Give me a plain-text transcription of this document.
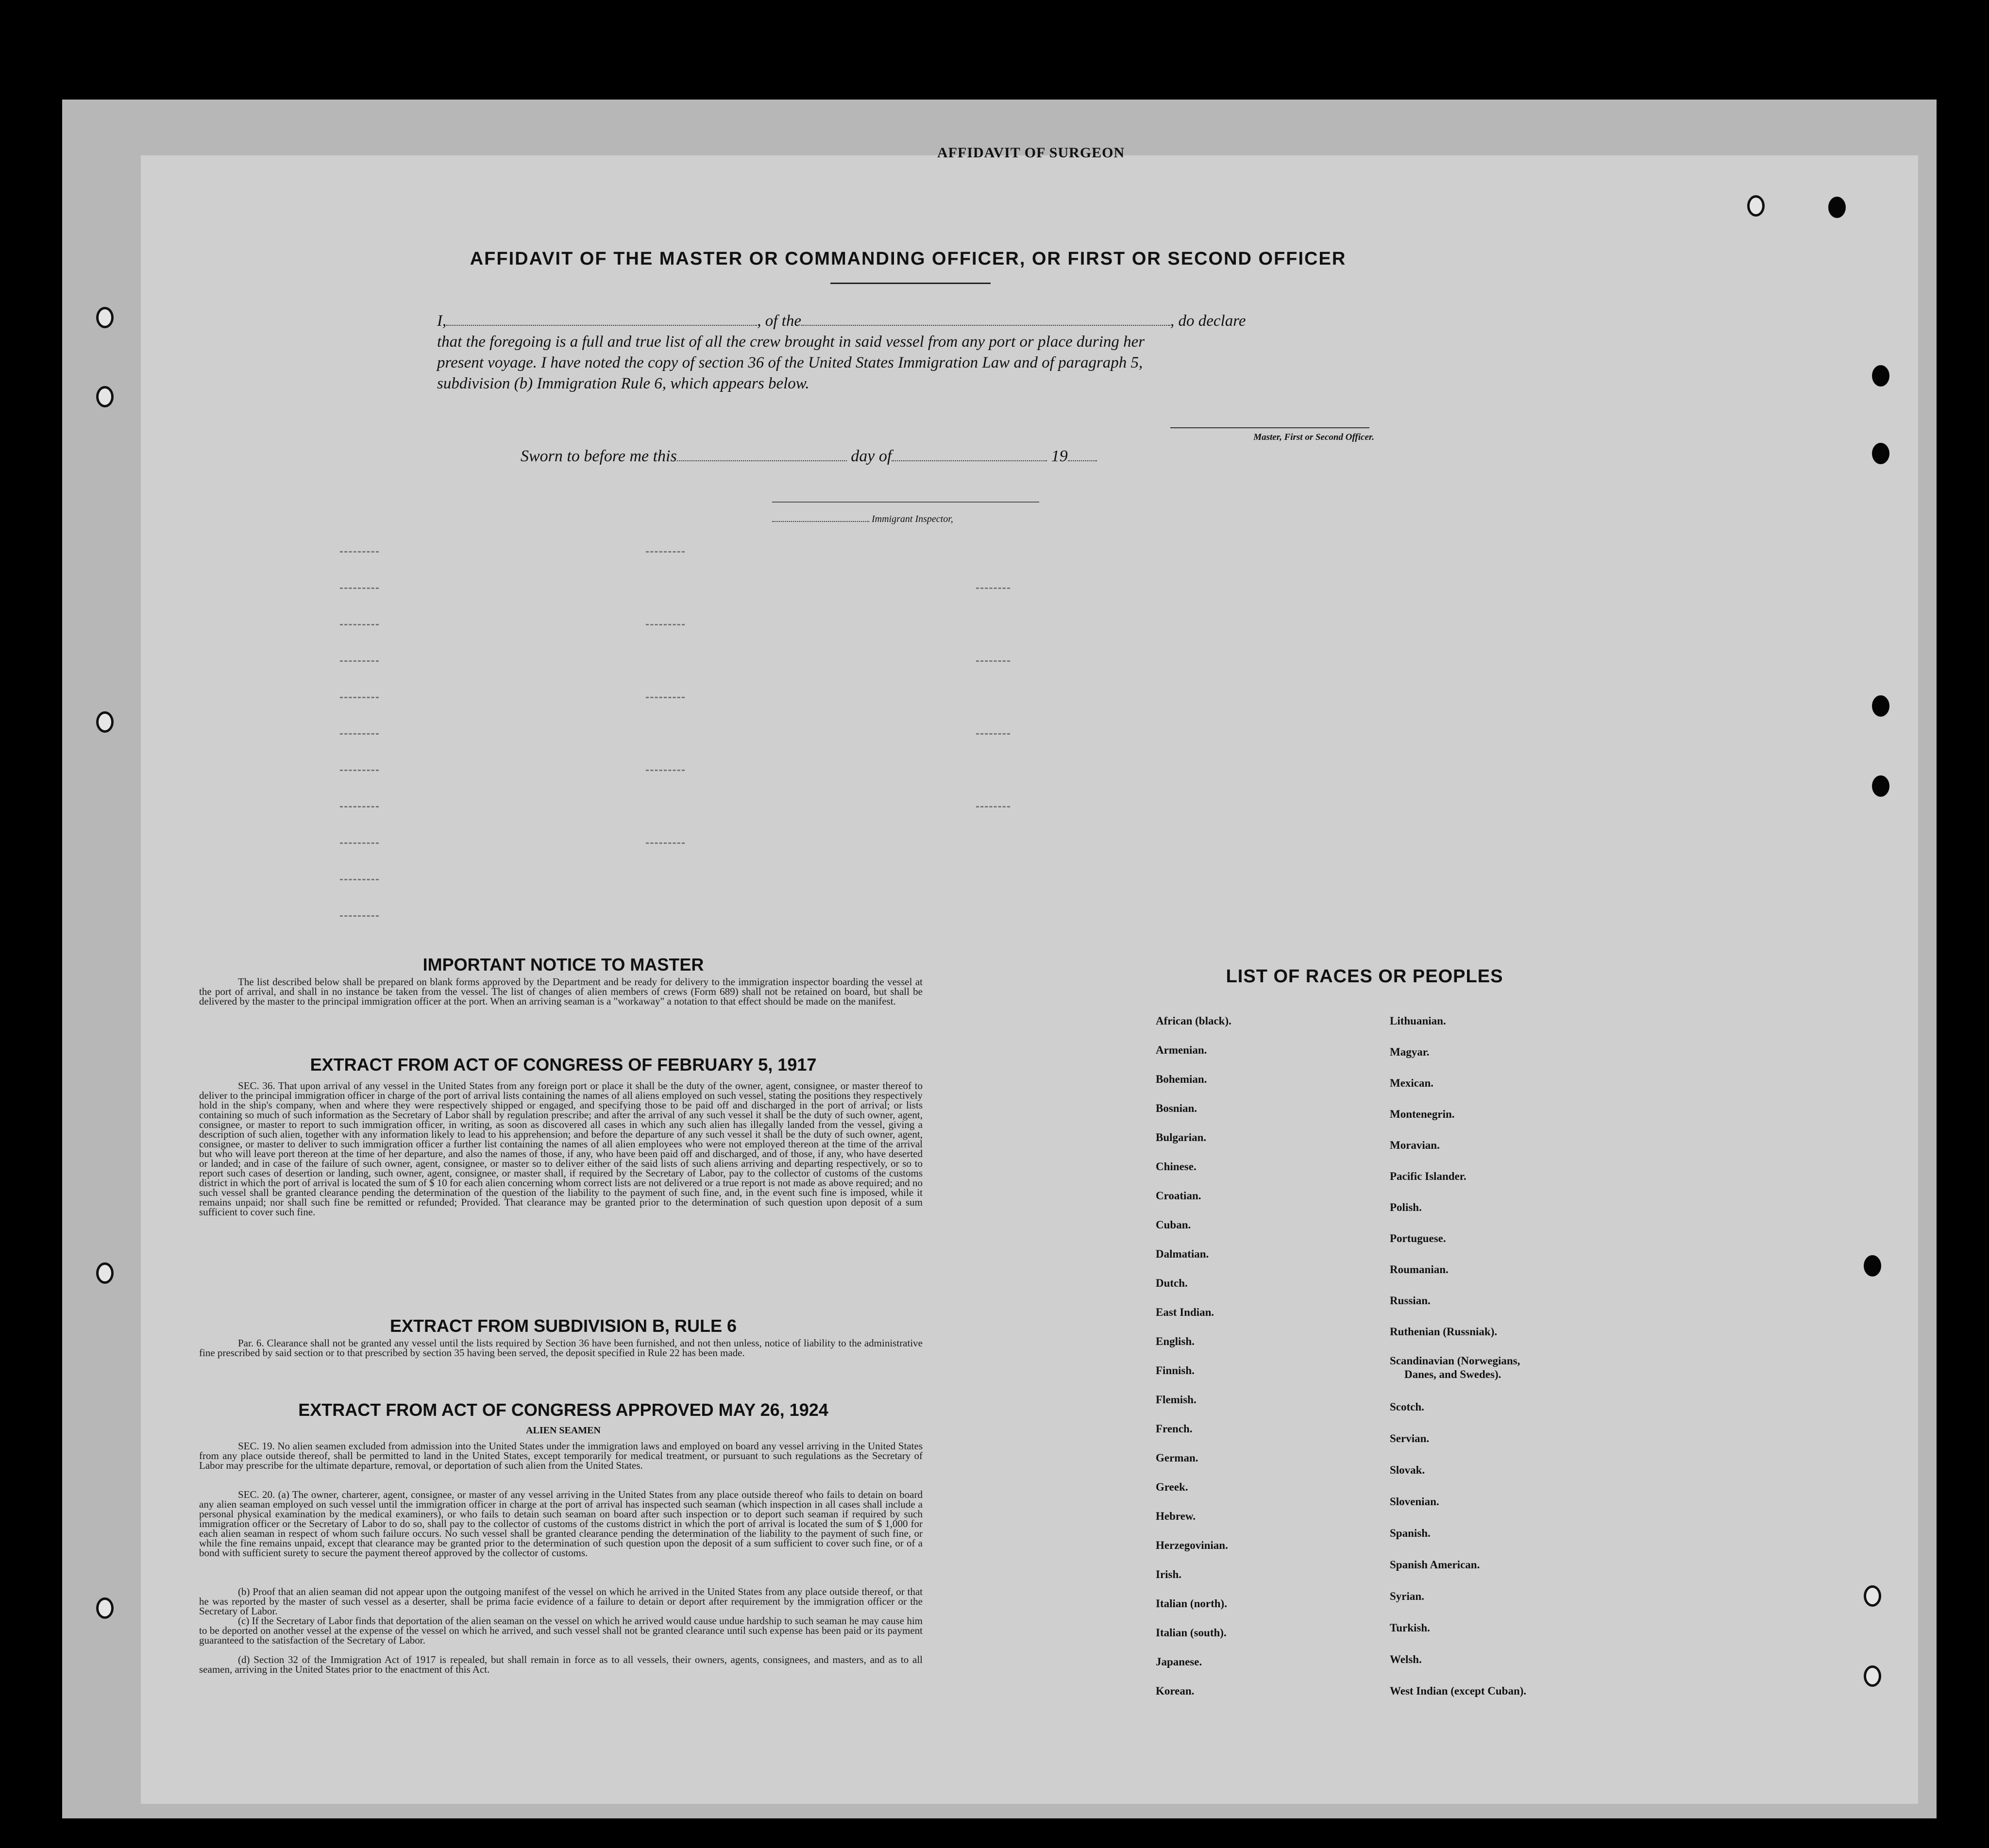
AFFIDAVIT OF SURGEON
AFFIDAVIT OF THE MASTER OR COMMANDING OFFICER, OR FIRST OR SECOND OFFICER
I,	, of the	, do declare
that the foregoing is a full and true list of all the crew brought in said vessel from any port or place during her
present voyage. I have noted the copy of section 36 of the United States Immigration Law and of paragraph 5,
subdivision (b) Immigration Rule 6, which appears below.
Master, First or Second Officer.
Sworn to before me this	day of	19
Immigrant Inspector,
IMPORTANT NOTICE TO MASTER
The list described below shall be prepared on blank forms approved by the Department and be ready for delivery to the immigration inspector boarding the vessel at the port of arrival, and shall in no instance be taken from the vessel. The list of changes of alien members of crews (Form 689) shall not be retained on board, but shall be delivered by the master to the principal immigration officer at the port. When an arriving seaman is a "workaway" a notation to that effect should be made on the manifest.
EXTRACT FROM ACT OF CONGRESS OF FEBRUARY 5, 1917
SEC. 36. That upon arrival of any vessel in the United States from any foreign port or place it shall be the duty of the owner, agent, consignee, or master thereof to deliver to the principal immigration officer in charge of the port of arrival lists containing the names of all aliens employed on such vessel, stating the positions they respectively hold in the ship's company, when and where they were respectively shipped or engaged, and specifying those to be paid off and discharged in the port of arrival; or lists containing so much of such information as the Secretary of Labor shall by regulation prescribe; and after the arrival of any such vessel it shall be the duty of such owner, agent, consignee, or master to report to such immigration officer, in writing, as soon as discovered all cases in which any such alien has illegally landed from the vessel, giving a description of such alien, together with any information likely to lead to his apprehension; and before the departure of any such vessel it shall be the duty of such owner, agent, consignee, or master to deliver to such immigration officer a further list containing the names of all alien employees who were not employed thereon at the time of the arrival but who will leave port thereon at the time of her departure, and also the names of those, if any, who have been paid off and discharged, and of those, if any, who have deserted or landed; and in case of the failure of such owner, agent, consignee, or master so to deliver either of the said lists of such aliens arriving and departing respectively, or so to report such cases of desertion or landing, such owner, agent, consignee, or master shall, if required by the Secretary of Labor, pay to the collector of customs of the customs district in which the port of arrival is located the sum of $ 10 for each alien concerning whom correct lists are not delivered or a true report is not made as above required; and no such vessel shall be granted clearance pending the determination of the question of the liability to the payment of such fine, and, in the event such fine is imposed, while it remains unpaid; nor shall such fine be remitted or refunded; Provided. That clearance may be granted prior to the determination of such question upon deposit of a sum sufficient to cover such fine.
EXTRACT FROM SUBDIVISION B, RULE 6
Par. 6. Clearance shall not be granted any vessel until the lists required by Section 36 have been furnished, and not then unless, notice of liability to the administrative fine prescribed by said section or to that prescribed by section 35 having been served, the deposit specified in Rule 22 has been made.
EXTRACT FROM ACT OF CONGRESS APPROVED MAY 26, 1924
ALIEN SEAMEN
SEC. 19. No alien seamen excluded from admission into the United States under the immigration laws and employed on board any vessel arriving in the United States from any place outside thereof, shall be permitted to land in the United States, except temporarily for medical treatment, or pursuant to such regulations as the Secretary of Labor may prescribe for the ultimate departure, removal, or deportation of such alien from the United States.
SEC. 20. (a) The owner, charterer, agent, consignee, or master of any vessel arriving in the United States from any place outside thereof who fails to detain on board any alien seaman employed on such vessel until the immigration officer in charge at the port of arrival has inspected such seaman (which inspection in all cases shall include a personal physical examination by the medical examiners), or who fails to detain such seaman on board after such inspection or to deport such seaman if required by such immigration officer or the Secretary of Labor to do so, shall pay to the collector of customs of the customs district in which the port of arrival is located the sum of $ 1,000 for each alien seaman in respect of whom such failure occurs. No such vessel shall be granted clearance pending the determination of the liability to the payment of such fine, or while the fine remains unpaid, except that clearance may be granted prior to the determination of such question upon the deposit of a sum sufficient to cover such fine, or of a bond with sufficient surety to secure the payment thereof approved by the collector of customs.
(b) Proof that an alien seaman did not appear upon the outgoing manifest of the vessel on which he arrived in the United States from any place outside thereof, or that he was reported by the master of such vessel as a deserter, shall be prima facie evidence of a failure to detain or deport after requirement by the immigration officer or the Secretary of Labor.
(c) If the Secretary of Labor finds that deportation of the alien seaman on the vessel on which he arrived would cause undue hardship to such seaman he may cause him to be deported on another vessel at the expense of the vessel on which he arrived, and such vessel shall not be granted clearance until such expense has been paid or its payment guaranteed to the satisfaction of the Secretary of Labor.
(d) Section 32 of the Immigration Act of 1917 is repealed, but shall remain in force as to all vessels, their owners, agents, consignees, and masters, and as to all seamen, arriving in the United States prior to the enactment of this Act.
LIST OF RACES OR PEOPLES
African (black).
Armenian.
Bohemian.
Bosnian.
Bulgarian.
Chinese.
Croatian.
Cuban.
Dalmatian.
Dutch.
East Indian.
English.
Finnish.
Flemish.
French.
German.
Greek.
Hebrew.
Herzegovinian.
Irish.
Italian (north).
Italian (south).
Japanese.
Korean.
Lithuanian.
Magyar.
Mexican.
Montenegrin.
Moravian.
Pacific Islander.
Polish.
Portuguese.
Roumanian.
Russian.
Ruthenian (Russniak).
Scandinavian (Norwegians,
Danes, and Swedes).
Scotch.
Servian.
Slovak.
Slovenian.
Spanish.
Spanish American.
Syrian.
Turkish.
Welsh.
West Indian (except Cuban).
